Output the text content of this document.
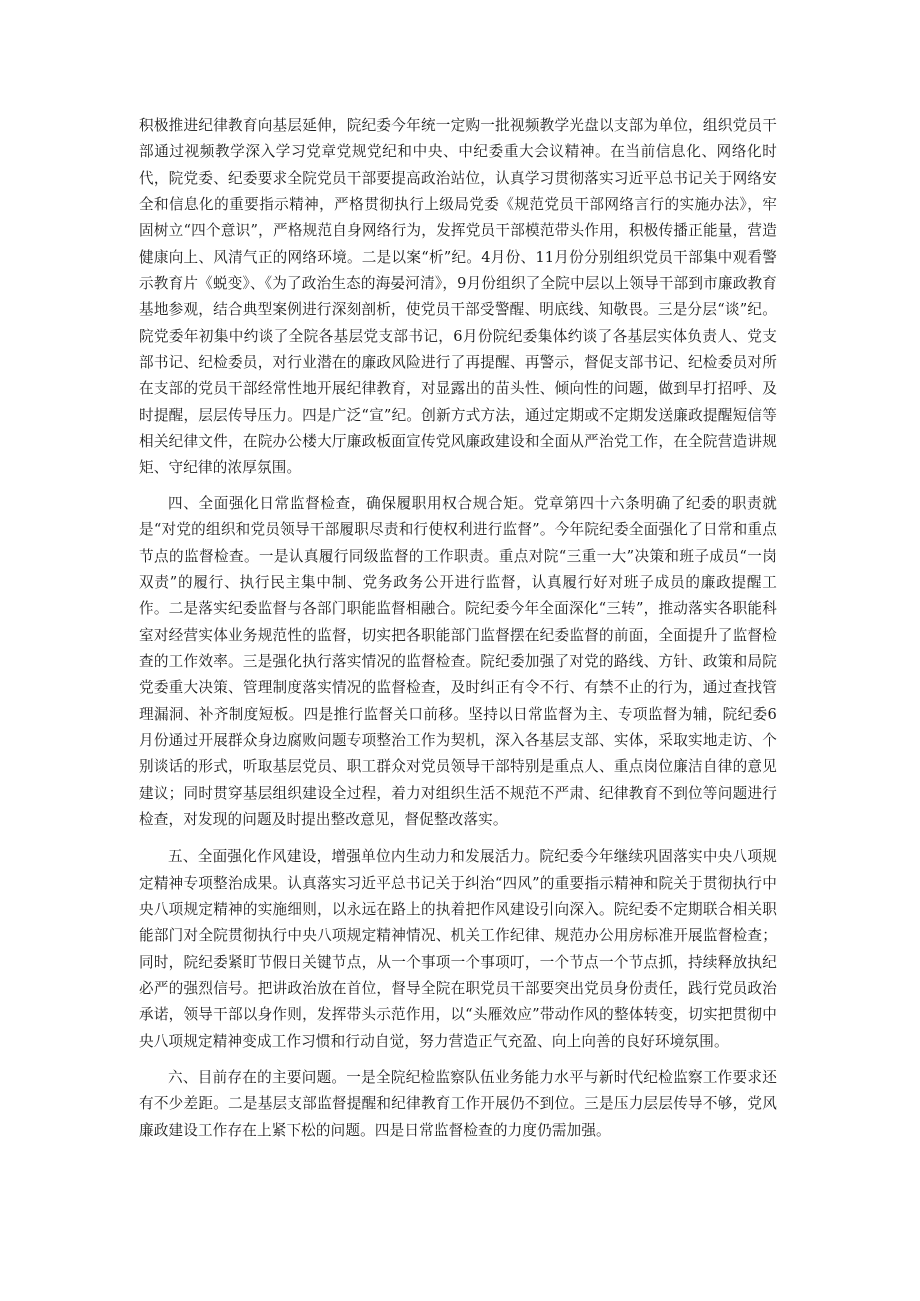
积极推进纪律教育向基层延伸，院纪委今年统一定购一批视频教学光盘以支部为单位，组织党员干部通过视频教学深入学习党章党规党纪和中央、中纪委重大会议精神。在当前信息化、网络化时代，院党委、纪委要求全院党员干部要提高政治站位，认真学习贯彻落实习近平总书记关于网络安全和信息化的重要指示精神，严格贯彻执行上级局党委《规范党员干部网络言行的实施办法》，牢固树立“四个意识”，严格规范自身网络行为，发挥党员干部模范带头作用，积极传播正能量，营造健康向上、风清气正的网络环境。二是以案“析”纪。4月份、11月份分别组织党员干部集中观看警示教育片《蜕变》、《为了政治生态的海晏河清》，9月份组织了全院中层以上领导干部到市廉政教育基地参观，结合典型案例进行深刻剖析，使党员干部受警醒、明底线、知敬畏。三是分层“谈”纪。院党委年初集中约谈了全院各基层党支部书记，6月份院纪委集体约谈了各基层实体负责人、党支部书记、纪检委员，对行业潜在的廉政风险进行了再提醒、再警示，督促支部书记、纪检委员对所在支部的党员干部经常性地开展纪律教育，对显露出的苗头性、倾向性的问题，做到早打招呼、及时提醒，层层传导压力。四是广泛“宣”纪。创新方式方法，通过定期或不定期发送廉政提醒短信等相关纪律文件，在院办公楼大厅廉政板面宣传党风廉政建设和全面从严治党工作，在全院营造讲规矩、守纪律的浓厚氛围。

四、全面强化日常监督检查，确保履职用权合规合矩。党章第四十六条明确了纪委的职责就是“对党的组织和党员领导干部履职尽责和行使权利进行监督”。今年院纪委全面强化了日常和重点节点的监督检查。一是认真履行同级监督的工作职责。重点对院“三重一大”决策和班子成员“一岗双责”的履行、执行民主集中制、党务政务公开进行监督，认真履行好对班子成员的廉政提醒工作。二是落实纪委监督与各部门职能监督相融合。院纪委今年全面深化“三转”，推动落实各职能科室对经营实体业务规范性的监督，切实把各职能部门监督摆在纪委监督的前面，全面提升了监督检查的工作效率。三是强化执行落实情况的监督检查。院纪委加强了对党的路线、方针、政策和局院党委重大决策、管理制度落实情况的监督检查，及时纠正有令不行、有禁不止的行为，通过查找管理漏洞、补齐制度短板。四是推行监督关口前移。坚持以日常监督为主、专项监督为辅，院纪委6月份通过开展群众身边腐败问题专项整治工作为契机，深入各基层支部、实体，采取实地走访、个别谈话的形式，听取基层党员、职工群众对党员领导干部特别是重点人、重点岗位廉洁自律的意见建议；同时贯穿基层组织建设全过程，着力对组织生活不规范不严肃、纪律教育不到位等问题进行检查，对发现的问题及时提出整改意见，督促整改落实。

五、全面强化作风建设，增强单位内生动力和发展活力。院纪委今年继续巩固落实中央八项规定精神专项整治成果。认真落实习近平总书记关于纠治“四风”的重要指示精神和院关于贯彻执行中央八项规定精神的实施细则，以永远在路上的执着把作风建设引向深入。院纪委不定期联合相关职能部门对全院贯彻执行中央八项规定精神情况、机关工作纪律、规范办公用房标准开展监督检查；同时，院纪委紧盯节假日关键节点，从一个事项一个事项叮，一个节点一个节点抓，持续释放执纪必严的强烈信号。把讲政治放在首位，督导全院在职党员干部要突出党员身份责任，践行党员政治承诺，领导干部以身作则，发挥带头示范作用，以“头雁效应”带动作风的整体转变，切实把贯彻中央八项规定精神变成工作习惯和行动自觉，努力营造正气充盈、向上向善的良好环境氛围。

六、目前存在的主要问题。一是全院纪检监察队伍业务能力水平与新时代纪检监察工作要求还有不少差距。二是基层支部监督提醒和纪律教育工作开展仍不到位。三是压力层层传导不够，党风廉政建设工作存在上紧下松的问题。四是日常监督检查的力度仍需加强。
